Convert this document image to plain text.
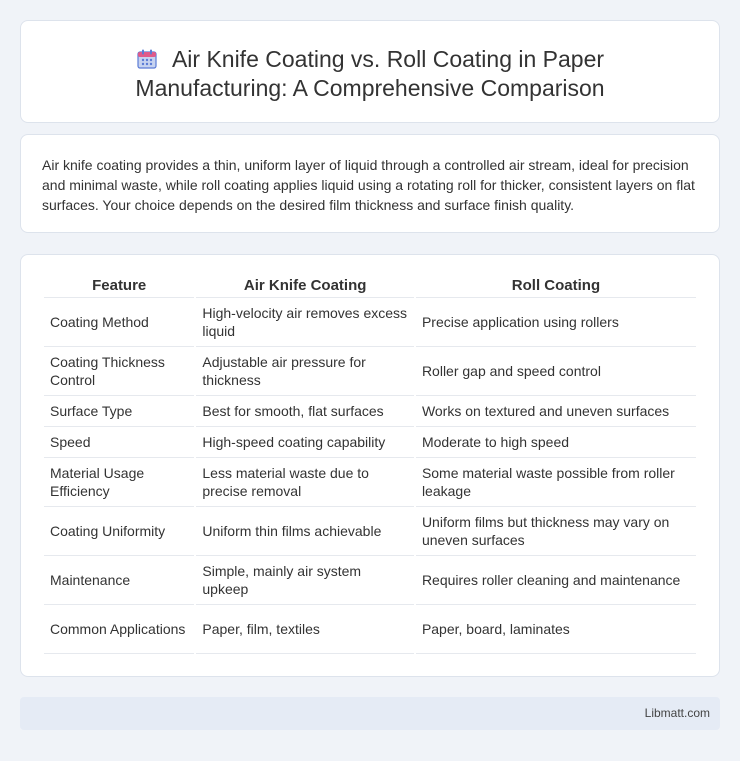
Air Knife Coating vs. Roll Coating in Paper
Manufacturing: A Comprehensive Comparison

Air knife coating provides a thin, uniform layer of liquid through a controlled air stream, ideal for precision and minimal waste, while roll coating applies liquid using a rotating roll for thicker, consistent layers on flat surfaces. Your choice depends on the desired film thickness and surface finish quality.

Feature	Air Knife Coating	Roll Coating
Coating Method	High-velocity air removes excess liquid	Precise application using rollers
Coating Thickness Control	Adjustable air pressure for thickness	Roller gap and speed control
Surface Type	Best for smooth, flat surfaces	Works on textured and uneven surfaces
Speed	High-speed coating capability	Moderate to high speed
Material Usage Efficiency	Less material waste due to precise removal	Some material waste possible from roller leakage
Coating Uniformity	Uniform thin films achievable	Uniform films but thickness may vary on uneven surfaces
Maintenance	Simple, mainly air system upkeep	Requires roller cleaning and maintenance
Common Applications	Paper, film, textiles	Paper, board, laminates
Libmatt.com
